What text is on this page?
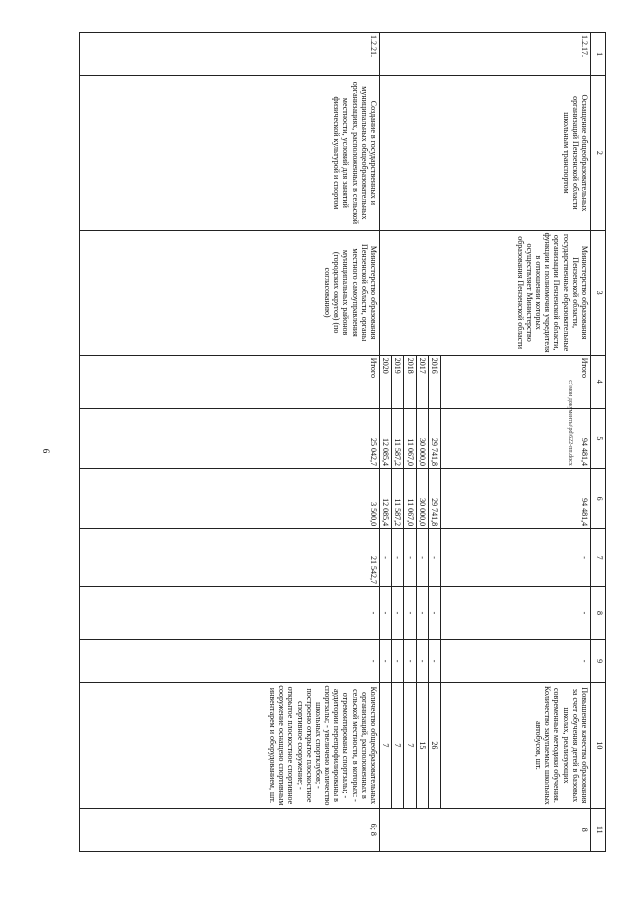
6
1	2	3	4	5	6	7	8	9	10	11
1.2.17.	Оснащение общеобразовательных организаций Пензенской области школьным транспортом	Министерство образования Пензенской области, государственные образовательные организации Пензенской области, функции и полномочия учредителя в отношении которых осуществляет Министерство образования Пензенской области	Итого	94 481,4	94 481,4	-	-	-	Повышение качества образования за счет обучения детей в базовых школах, реализующих современные методики обучения. Количество закупаемых школьных автобусов, шт.	8
			2016	29 741,8	29 741,8	-	-	-	26	
			2017	30 000,0	30 000,0	-	-	-	15	
			2018	11 067,0	11 067,0	-	-	-	7	
			2019	11 587,2	11 587,2	-	-	-	7	
			2020	12 085,4	12 085,4	-	-	-	7	
1.2.21.	Создание в государственных и муниципальных общеобразовательных организациях, расположенных в сельской местности, условий для занятий физической культурой и спортом	Министерство образования Пензенской области, органы местного самоуправления муниципальных районов (городских округов) (по согласованию)	Итого	25 042,7	3 500,0	21 542,7	-	-	Количество общеобразовательных организаций, расположенных в сельской местности, в которых: - отремонтированы спортзалы; - аудитории перепрофилированы в спортзалы; - увеличено количество школьных спортклубов; - построено открытое плоскостное спортивное сооружение; - открытое плоскостное спортивное сооружение оснащено спортивным инвентарем и оборудованием, шт.	6; 8
c:\мои документы\pd\622-пп.docx
